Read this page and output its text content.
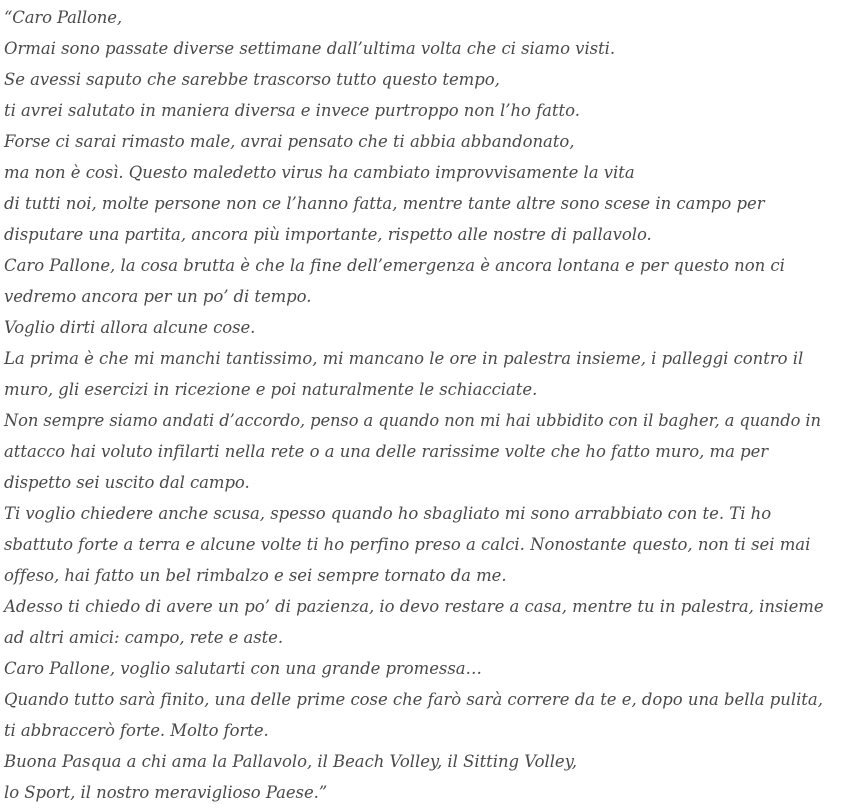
“Caro Pallone,
Ormai sono passate diverse settimane dall’ultima volta che ci siamo visti.
Se avessi saputo che sarebbe trascorso tutto questo tempo,
ti avrei salutato in maniera diversa e invece purtroppo non l’ho fatto.
Forse ci sarai rimasto male, avrai pensato che ti abbia abbandonato,
ma non è così. Questo maledetto virus ha cambiato improvvisamente la vita
di tutti noi, molte persone non ce l’hanno fatta, mentre tante altre sono scese in campo per
disputare una partita, ancora più importante, rispetto alle nostre di pallavolo.
Caro Pallone, la cosa brutta è che la fine dell’emergenza è ancora lontana e per questo non ci
vedremo ancora per un po’ di tempo.
Voglio dirti allora alcune cose.
La prima è che mi manchi tantissimo, mi mancano le ore in palestra insieme, i palleggi contro il
muro, gli esercizi in ricezione e poi naturalmente le schiacciate.
Non sempre siamo andati d’accordo, penso a quando non mi hai ubbidito con il bagher, a quando in
attacco hai voluto infilarti nella rete o a una delle rarissime volte che ho fatto muro, ma per
dispetto sei uscito dal campo.
Ti voglio chiedere anche scusa, spesso quando ho sbagliato mi sono arrabbiato con te. Ti ho
sbattuto forte a terra e alcune volte ti ho perfino preso a calci. Nonostante questo, non ti sei mai
offeso, hai fatto un bel rimbalzo e sei sempre tornato da me.
Adesso ti chiedo di avere un po’ di pazienza, io devo restare a casa, mentre tu in palestra, insieme
ad altri amici: campo, rete e aste.
Caro Pallone, voglio salutarti con una grande promessa…
Quando tutto sarà finito, una delle prime cose che farò sarà correre da te e, dopo una bella pulita,
ti abbraccerò forte. Molto forte.
Buona Pasqua a chi ama la Pallavolo, il Beach Volley, il Sitting Volley,
lo Sport, il nostro meraviglioso Paese.”
